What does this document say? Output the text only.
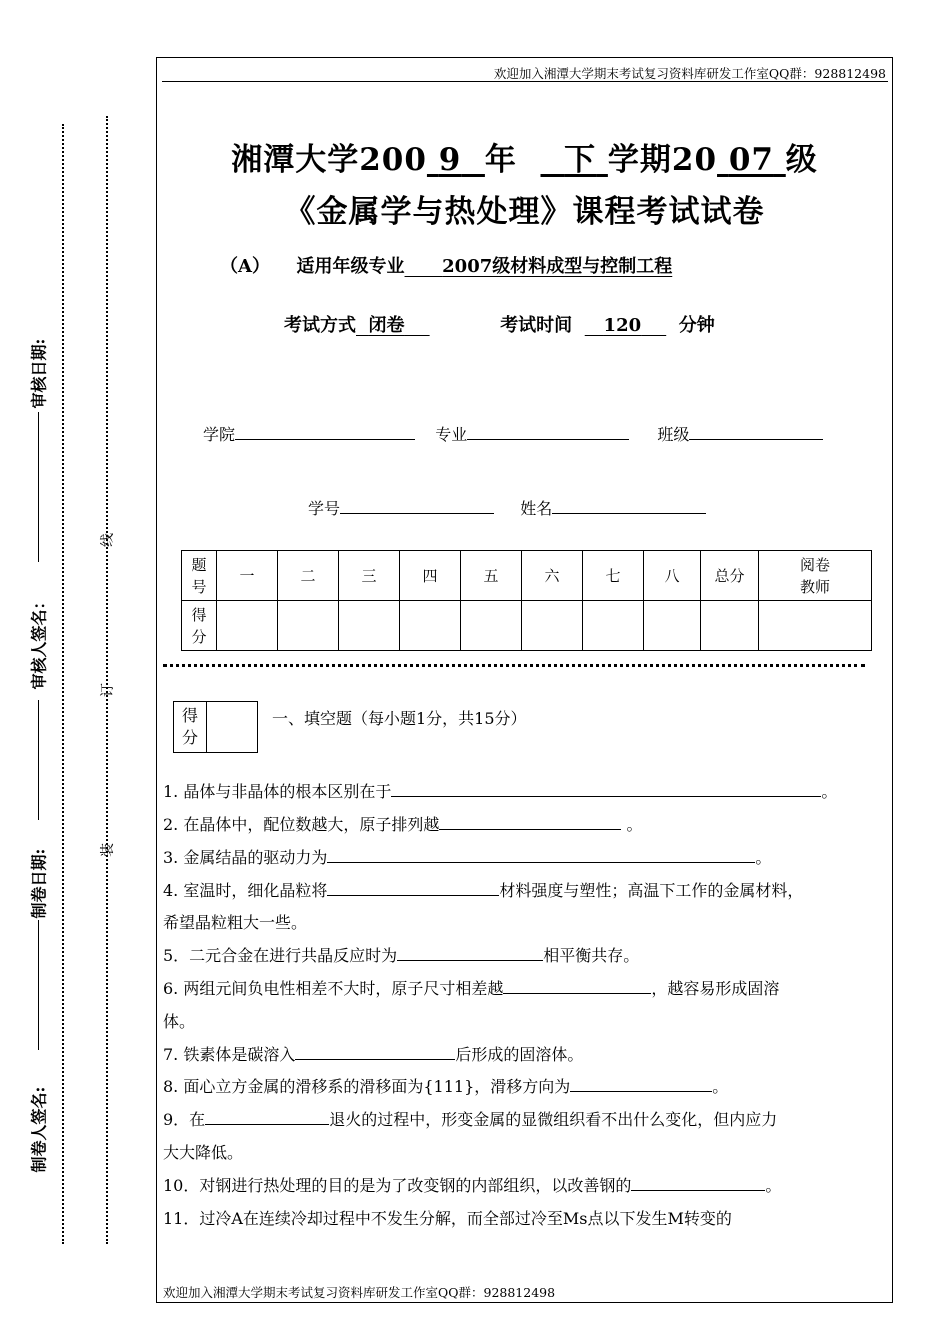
欢迎加入湘潭大学期末考试复习资料库研发工作室QQ群：928812498
湘潭大学200 9 年 下 学期20 07 级
《金属学与热处理》课程考试试卷
（A） 适用年级专业 2007级材料成型与控制工程
考试方式 闭卷	考试时间 120 分钟
学院	专业	班级
学号	姓名
题
号	一	二	三	四	五	六	七	八	总分	阅卷
教师
得
分										
得
分	
一、填空题（每小题1分，共15分）
1. 晶体与非晶体的根本区别在于	。
2. 在晶体中，配位数越大，原子排列越	。
3. 金属结晶的驱动力为	。
4. 室温时，细化晶粒将	材料强度与塑性；高温下工作的金属材料，
希望晶粒粗大一些。
5．二元合金在进行共晶反应时为	相平衡共存。
6. 两组元间负电性相差不大时，原子尺寸相差越	，越容易形成固溶
体。
7. 铁素体是碳溶入	后形成的固溶体。
8. 面心立方金属的滑移系的滑移面为{111}，滑移方向为	。
9．在	退火的过程中，形变金属的显微组织看不出什么变化，但内应力
大大降低。
10．对钢进行热处理的目的是为了改变钢的内部组织，以改善钢的	。
11．过冷A在连续冷却过程中不发生分解，而全部过冷至Ms点以下发生M转变的
欢迎加入湘潭大学期末考试复习资料库研发工作室QQ群：928812498
线
订
装
审核日期:
审核人签名：
制卷日期:
制卷人签名:
